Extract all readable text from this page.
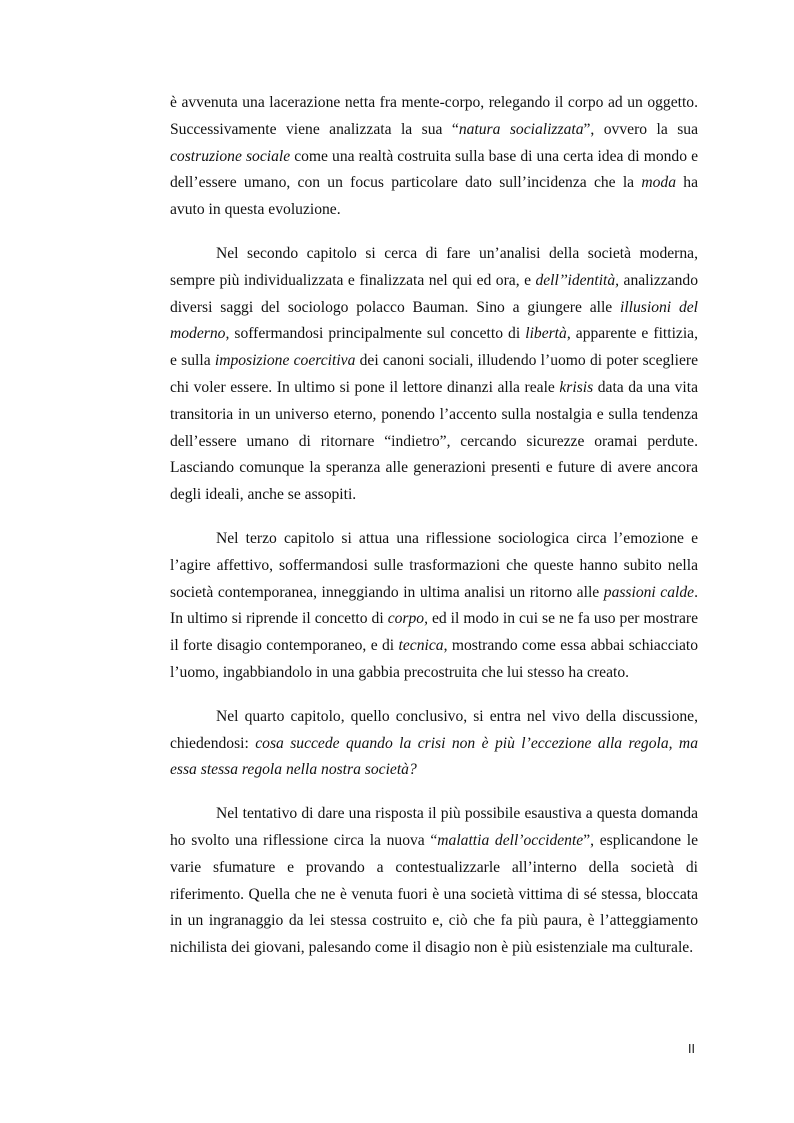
è avvenuta una lacerazione netta fra mente-corpo, relegando il corpo ad un oggetto. Successivamente viene analizzata la sua “natura socializzata”, ovvero la sua costruzione sociale come una realtà costruita sulla base di una certa idea di mondo e dell’essere umano, con un focus particolare dato sull’incidenza che la moda ha avuto in questa evoluzione.

Nel secondo capitolo si cerca di fare un’analisi della società moderna, sempre più individualizzata e finalizzata nel qui ed ora, e dell’’identità, analizzando diversi saggi del sociologo polacco Bauman. Sino a giungere alle illusioni del moderno, soffermandosi principalmente sul concetto di libertà, apparente e fittizia, e sulla imposizione coercitiva dei canoni sociali, illudendo l’uomo di poter scegliere chi voler essere. In ultimo si pone il lettore dinanzi alla reale krisis data da una vita transitoria in un universo eterno, ponendo l’accento sulla nostalgia e sulla tendenza dell’essere umano di ritornare “indietro”, cercando sicurezze oramai perdute. Lasciando comunque la speranza alle generazioni presenti e future di avere ancora degli ideali, anche se assopiti.

Nel terzo capitolo si attua una riflessione sociologica circa l’emozione e l’agire affettivo, soffermandosi sulle trasformazioni che queste hanno subito nella società contemporanea, inneggiando in ultima analisi un ritorno alle passioni calde. In ultimo si riprende il concetto di corpo, ed il modo in cui se ne fa uso per mostrare il forte disagio contemporaneo, e di tecnica, mostrando come essa abbai schiacciato l’uomo, ingabbiandolo in una gabbia precostruita che lui stesso ha creato.

Nel quarto capitolo, quello conclusivo, si entra nel vivo della discussione, chiedendosi: cosa succede quando la crisi non è più l’eccezione alla regola, ma essa stessa regola nella nostra società?

Nel tentativo di dare una risposta il più possibile esaustiva a questa domanda ho svolto una riflessione circa la nuova “malattia dell’occidente”, esplicandone le varie sfumature e provando a contestualizzarle all’interno della società di riferimento. Quella che ne è venuta fuori è una società vittima di sé stessa, bloccata in un ingranaggio da lei stessa costruito e, ciò che fa più paura, è l’atteggiamento nichilista dei giovani, palesando come il disagio non è più esistenziale ma culturale.

II
